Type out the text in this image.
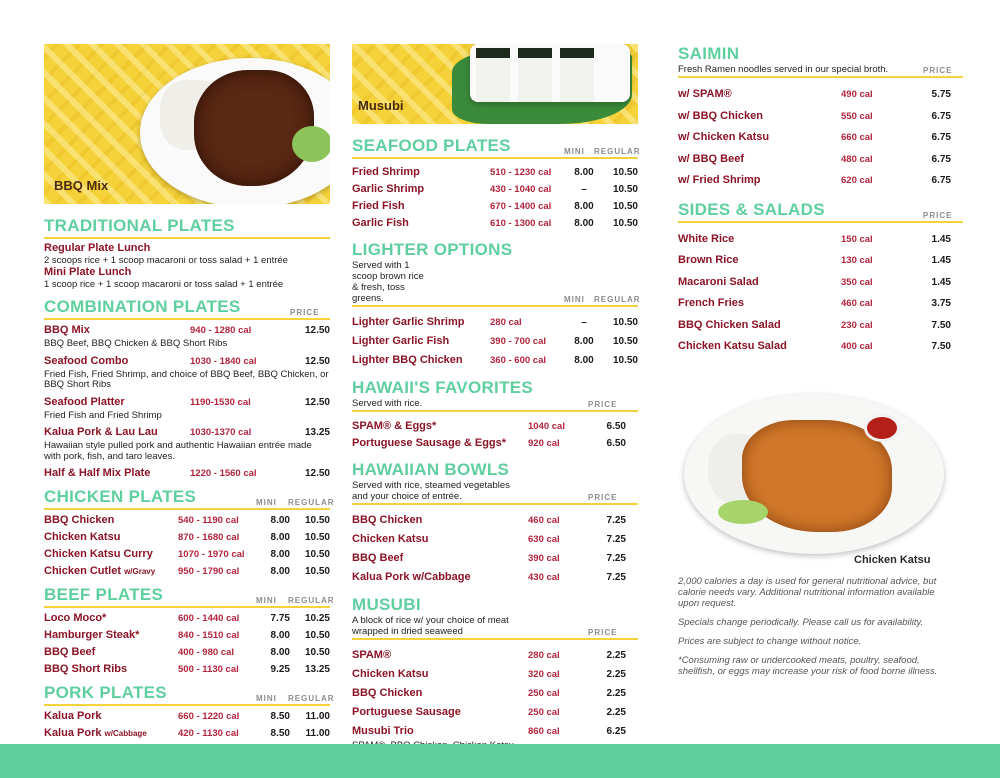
BBQ Mix
TRADITIONAL PLATES
Regular Plate Lunch
2 scoops rice + 1 scoop macaroni or toss salad + 1 entrée
Mini Plate Lunch
1 scoop rice + 1 scoop macaroni or toss salad + 1 entrée
COMBINATION PLATES	PRICE
BBQ Mix	940 - 1280 cal	12.50
BBQ Beef, BBQ Chicken & BBQ Short Ribs
Seafood Combo	1030 - 1840 cal	12.50
Fried Fish, Fried Shrimp, and choice of BBQ Beef, BBQ Chicken, or BBQ Short Ribs
Seafood Platter	1190-1530 cal	12.50
Fried Fish and Fried Shrimp
Kalua Pork & Lau Lau	1030-1370 cal	13.25
Hawaiian style pulled pork and authentic Hawaiian entrée made with pork, fish, and taro leaves.
Half & Half Mix Plate	1220 - 1560 cal	12.50
CHICKEN PLATES	MINI	REGULAR
BBQ Chicken	540 - 1190 cal	8.00	10.50
Chicken Katsu	870 - 1680 cal	8.00	10.50
Chicken Katsu Curry	1070 - 1970 cal	8.00	10.50
Chicken Cutlet w/Gravy	950 - 1790 cal	8.00	10.50
BEEF PLATES	MINI	REGULAR
Loco Moco*	600 - 1440 cal	7.75	10.25
Hamburger Steak*	840 - 1510 cal	8.00	10.50
BBQ Beef	400 - 980 cal	8.00	10.50
BBQ Short Ribs	500 - 1130 cal	9.25	13.25
PORK PLATES	MINI	REGULAR
Kalua Pork	660 - 1220 cal	8.50	11.00
Kalua Pork w/Cabbage	420 - 1130 cal	8.50	11.00
Musubi
SEAFOOD PLATES	MINI	REGULAR
Fried Shrimp	510 - 1230 cal	8.00	10.50
Garlic Shrimp	430 - 1040 cal	–	10.50
Fried Fish	670 - 1400 cal	8.00	10.50
Garlic Fish	610 - 1300 cal	8.00	10.50
LIGHTER OPTIONS
Served with 1 scoop brown rice & fresh, toss greens.	MINI	REGULAR
Lighter Garlic Shrimp	280 cal	–	10.50
Lighter Garlic Fish	390 - 700 cal	8.00	10.50
Lighter BBQ Chicken	360 - 600 cal	8.00	10.50
HAWAII'S FAVORITES
Served with rice.	PRICE
SPAM® & Eggs*	1040 cal	6.50
Portuguese Sausage & Eggs*	920 cal	6.50
HAWAIIAN BOWLS
Served with rice, steamed vegetables and your choice of entrée.	PRICE
BBQ Chicken	460 cal	7.25
Chicken Katsu	630 cal	7.25
BBQ Beef	390 cal	7.25
Kalua Pork w/Cabbage	430 cal	7.25
MUSUBI
A block of rice w/ your choice of meat wrapped in dried seaweed	PRICE
SPAM®	280 cal	2.25
Chicken Katsu	320 cal	2.25
BBQ Chicken	250 cal	2.25
Portuguese Sausage	250 cal	2.25
Musubi Trio	860 cal	6.25
SAIMIN
Fresh Ramen noodles served in our special broth.	PRICE
w/ SPAM®	490 cal	5.75
w/ BBQ Chicken	550 cal	6.75
w/ Chicken Katsu	660 cal	6.75
w/ BBQ Beef	480 cal	6.75
w/ Fried Shrimp	620 cal	6.75
SIDES & SALADS	PRICE
White Rice	150 cal	1.45
Brown Rice	130 cal	1.45
Macaroni Salad	350 cal	1.45
French Fries	460 cal	3.75
BBQ Chicken Salad	230 cal	7.50
Chicken Katsu Salad	400 cal	7.50
Chicken Katsu

2,000 calories a day is used for general nutritional advice, but calorie needs vary. Additional nutritional information available upon request.

Specials change periodically. Please call us for availability.

Prices are subject to change without notice.

*Consuming raw or undercooked meats, poultry, seafood, shellfish, or eggs may increase your risk of food borne illness.
